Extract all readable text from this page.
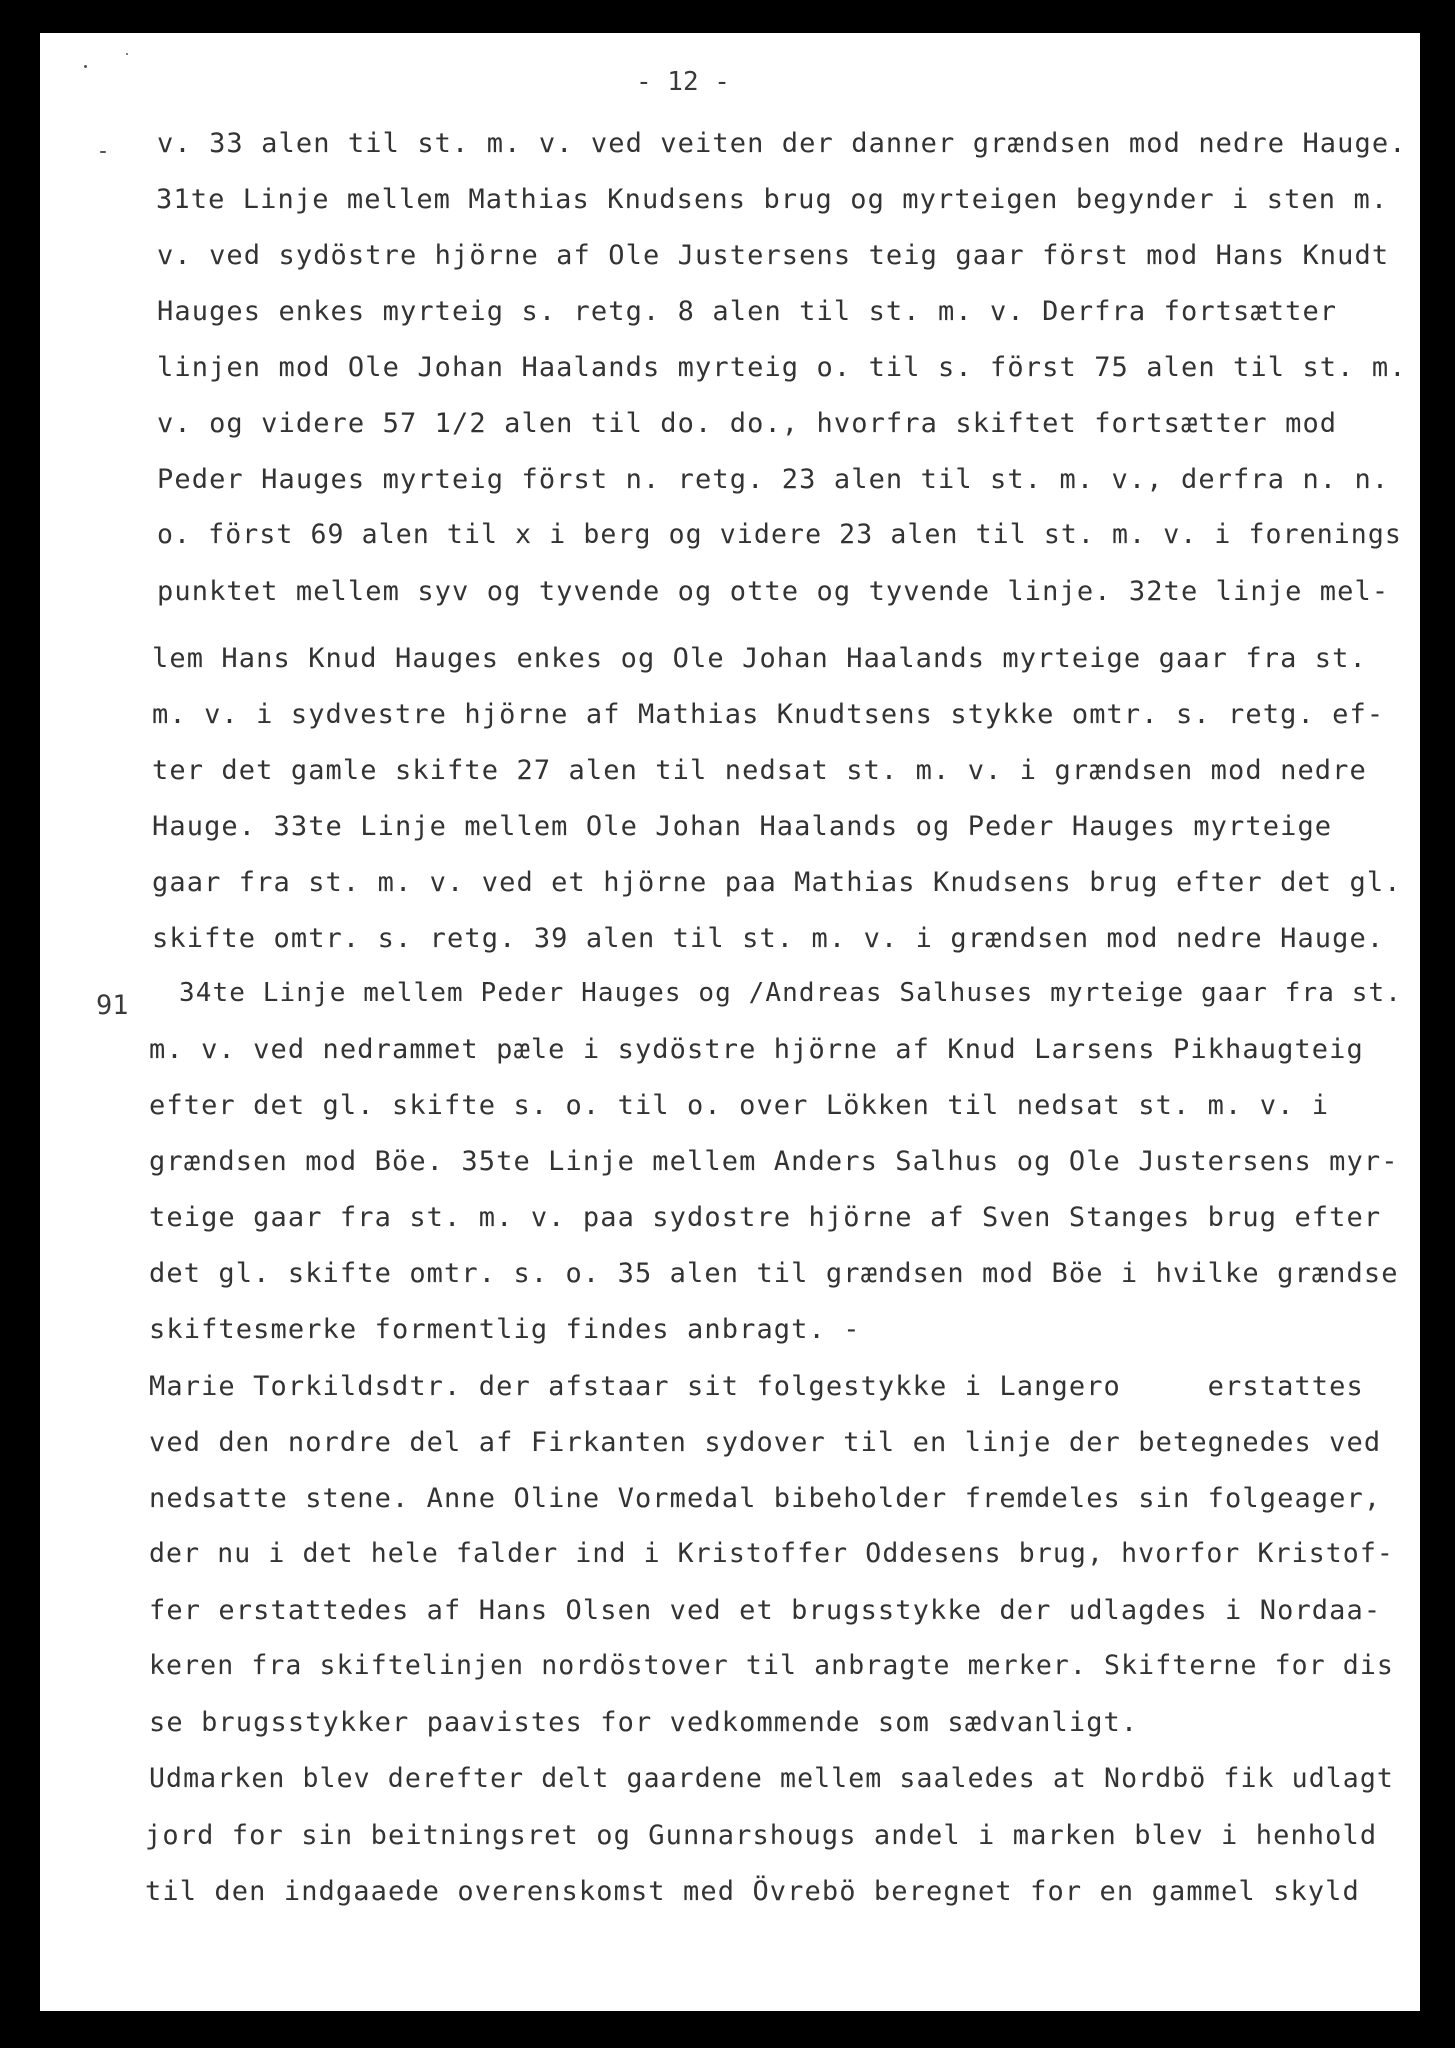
- 12 -
91
v. 33 alen til st. m. v. ved veiten der danner grændsen mod nedre Hauge.
31te Linje mellem Mathias Knudsens brug og myrteigen begynder i sten m.
v. ved sydöstre hjörne af Ole Justersens teig gaar först mod Hans Knudt
Hauges enkes myrteig s. retg. 8 alen til st. m. v. Derfra fortsætter
linjen mod Ole Johan Haalands myrteig o. til s. först 75 alen til st. m.
v. og videre 57 1/2 alen til do. do., hvorfra skiftet fortsætter mod
Peder Hauges myrteig först n. retg. 23 alen til st. m. v., derfra n. n.
o. först 69 alen til x i berg og videre 23 alen til st. m. v. i forenings
punktet mellem syv og tyvende og otte og tyvende linje. 32te linje mel-
lem Hans Knud Hauges enkes og Ole Johan Haalands myrteige gaar fra st.
m. v. i sydvestre hjörne af Mathias Knudtsens stykke omtr. s. retg. ef-
ter det gamle skifte 27 alen til nedsat st. m. v. i grændsen mod nedre
Hauge. 33te Linje mellem Ole Johan Haalands og Peder Hauges myrteige
gaar fra st. m. v. ved et hjörne paa Mathias Knudsens brug efter det gl.
skifte omtr. s. retg. 39 alen til st. m. v. i grændsen mod nedre Hauge.
34te Linje mellem Peder Hauges og /Andreas Salhuses myrteige gaar fra st.
m. v. ved nedrammet pæle i sydöstre hjörne af Knud Larsens Pikhaugteig
efter det gl. skifte s. o. til o. over Lökken til nedsat st. m. v. i
grændsen mod Böe. 35te Linje mellem Anders Salhus og Ole Justersens myr-
teige gaar fra st. m. v. paa sydostre hjörne af Sven Stanges brug efter
det gl. skifte omtr. s. o. 35 alen til grændsen mod Böe i hvilke grændse
skiftesmerke formentlig findes anbragt. -
Marie Torkildsdtr. der afstaar sit folgestykke i Langero     erstattes
ved den nordre del af Firkanten sydover til en linje der betegnedes ved
nedsatte stene. Anne Oline Vormedal bibeholder fremdeles sin folgeager,
der nu i det hele falder ind i Kristoffer Oddesens brug, hvorfor Kristof-
fer erstattedes af Hans Olsen ved et brugsstykke der udlagdes i Nordaa-
keren fra skiftelinjen nordöstover til anbragte merker. Skifterne for dis
se brugsstykker paavistes for vedkommende som sædvanligt.
Udmarken blev derefter delt gaardene mellem saaledes at Nordbö fik udlagt
jord for sin beitningsret og Gunnarshougs andel i marken blev i henhold
til den indgaaede overenskomst med Övrebö beregnet for en gammel skyld
